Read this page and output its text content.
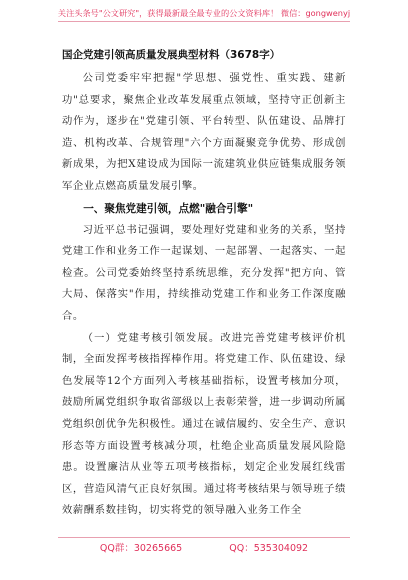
关注头条号"公文研究"，获得最新最全最专业的公文资料库！ 微信：gongwenyj
国企党建引领高质量发展典型材料（3678字）

公司党委牢牢把握"学思想、强党性、重实践、建新功"总要求，聚焦企业改革发展重点领域，坚持守正创新主动作为，逐步在"党建引领、平台转型、队伍建设、品牌打造、机构改革、合规管理"六个方面凝聚竞争优势、形成创新成果，为把X建设成为国际一流建筑业供应链集成服务领军企业点燃高质量发展引擎。

一、聚焦党建引领，点燃"融合引擎"

习近平总书记强调，要处理好党建和业务的关系，坚持党建工作和业务工作一起谋划、一起部署、一起落实、一起检查。公司党委始终坚持系统思维，充分发挥"把方向、管大局、保落实"作用，持续推动党建工作和业务工作深度融合。

（一）党建考核引领发展。改进完善党建考核评价机制，全面发挥考核指挥棒作用。将党建工作、队伍建设、绿色发展等12个方面列入考核基础指标，设置考核加分项，鼓励所属党组织争取省部级以上表彰荣誉，进一步调动所属党组织创优争先积极性。通过在诚信履约、安全生产、意识形态等方面设置考核减分项，杜绝企业高质量发展风险隐患。设置廉洁从业等五项考核指标，划定企业发展红线雷区，营造风清气正良好氛围。通过将考核结果与领导班子绩效薪酬系数挂钩，切实将党的领导融入业务工作全

QQ群：30265665	QQ：535304092
